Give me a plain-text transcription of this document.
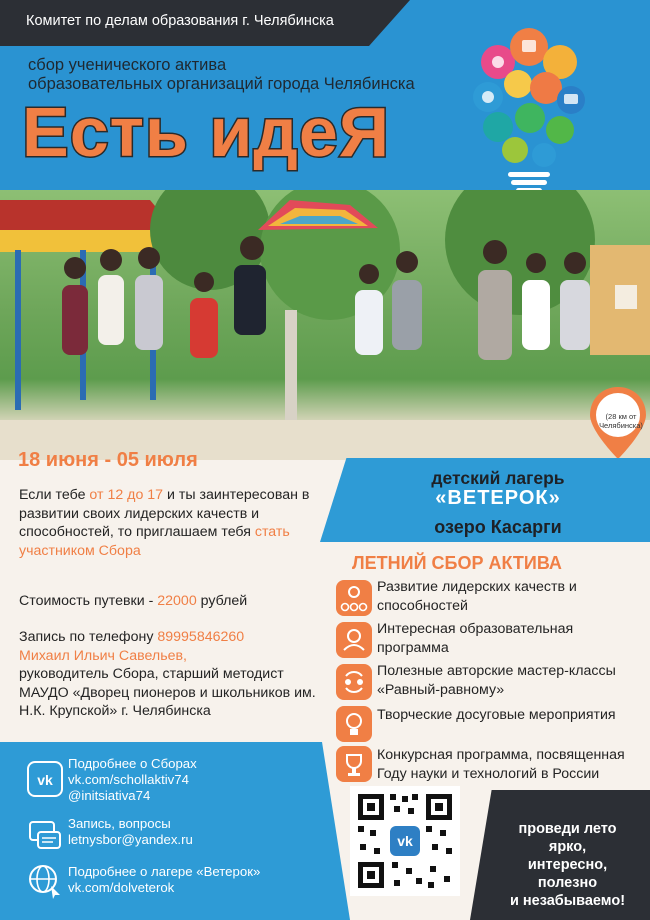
Комитет по делам образования г. Челябинска
сбор ученического актива
образовательных организаций города Челябинска
Есть идеЯ
(28 км от Челябинска)
18 июня - 05 июля
Если тебе от 12 до 17 и ты заинтересован в развитии своих лидерских качеств и способностей, то приглашаем тебя стать участником Сбора
Стоимость путевки - 22000 рублей
Запись по телефону 89995846260
Михаил Ильич Савельев,
руководитель Сбора, старший методист МАУДО «Дворец пионеров и школьников им. Н.К. Крупской» г. Челябинска
детский лагерь
«ВЕТЕРОК»
озеро Касарги
ЛЕТНИЙ СБОР АКТИВА
Развитие лидерских качеств и способностей
Интересная образовательная программа
Полезные авторские мастер-классы «Равный-равному»
Творческие досуговые мероприятия
Конкурсная программа, посвященная Году науки и технологий в России
vk
Подробнее о Сборах
vk.com/schollaktiv74
@initsiativa74
Запись, вопросы
letnysbor@yandex.ru
Подробнее о лагере «Ветерок»
vk.com/dolveterok
vk
проведи лето
ярко,
интересно,
полезно
и незабываемо!
